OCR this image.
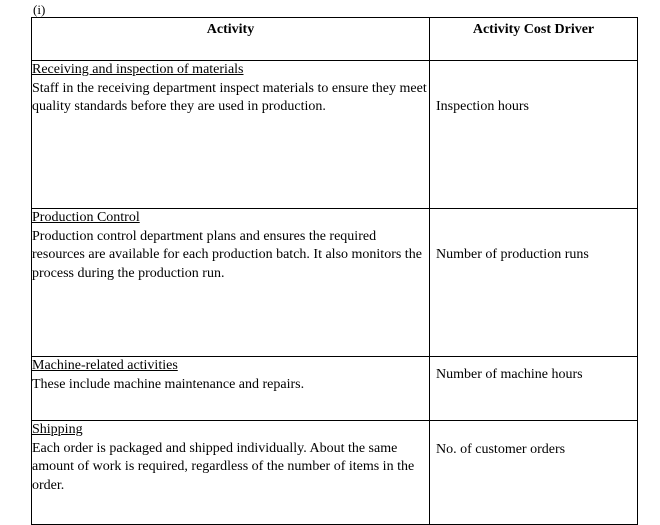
(i)
Activity	Activity Cost Driver

Receiving and inspection of materials
Staff in the receiving department inspect materials to ensure they meet quality standards before they are used in production.	Inspection hours

Production Control
Production control department plans and ensures the required resources are available for each production batch. It also monitors the process during the production run.	Number of production runs

Machine-related activities
These include machine maintenance and repairs.	Number of machine hours

Shipping
Each order is packaged and shipped individually. About the same amount of work is required, regardless of the number of items in the order.	No. of customer orders
